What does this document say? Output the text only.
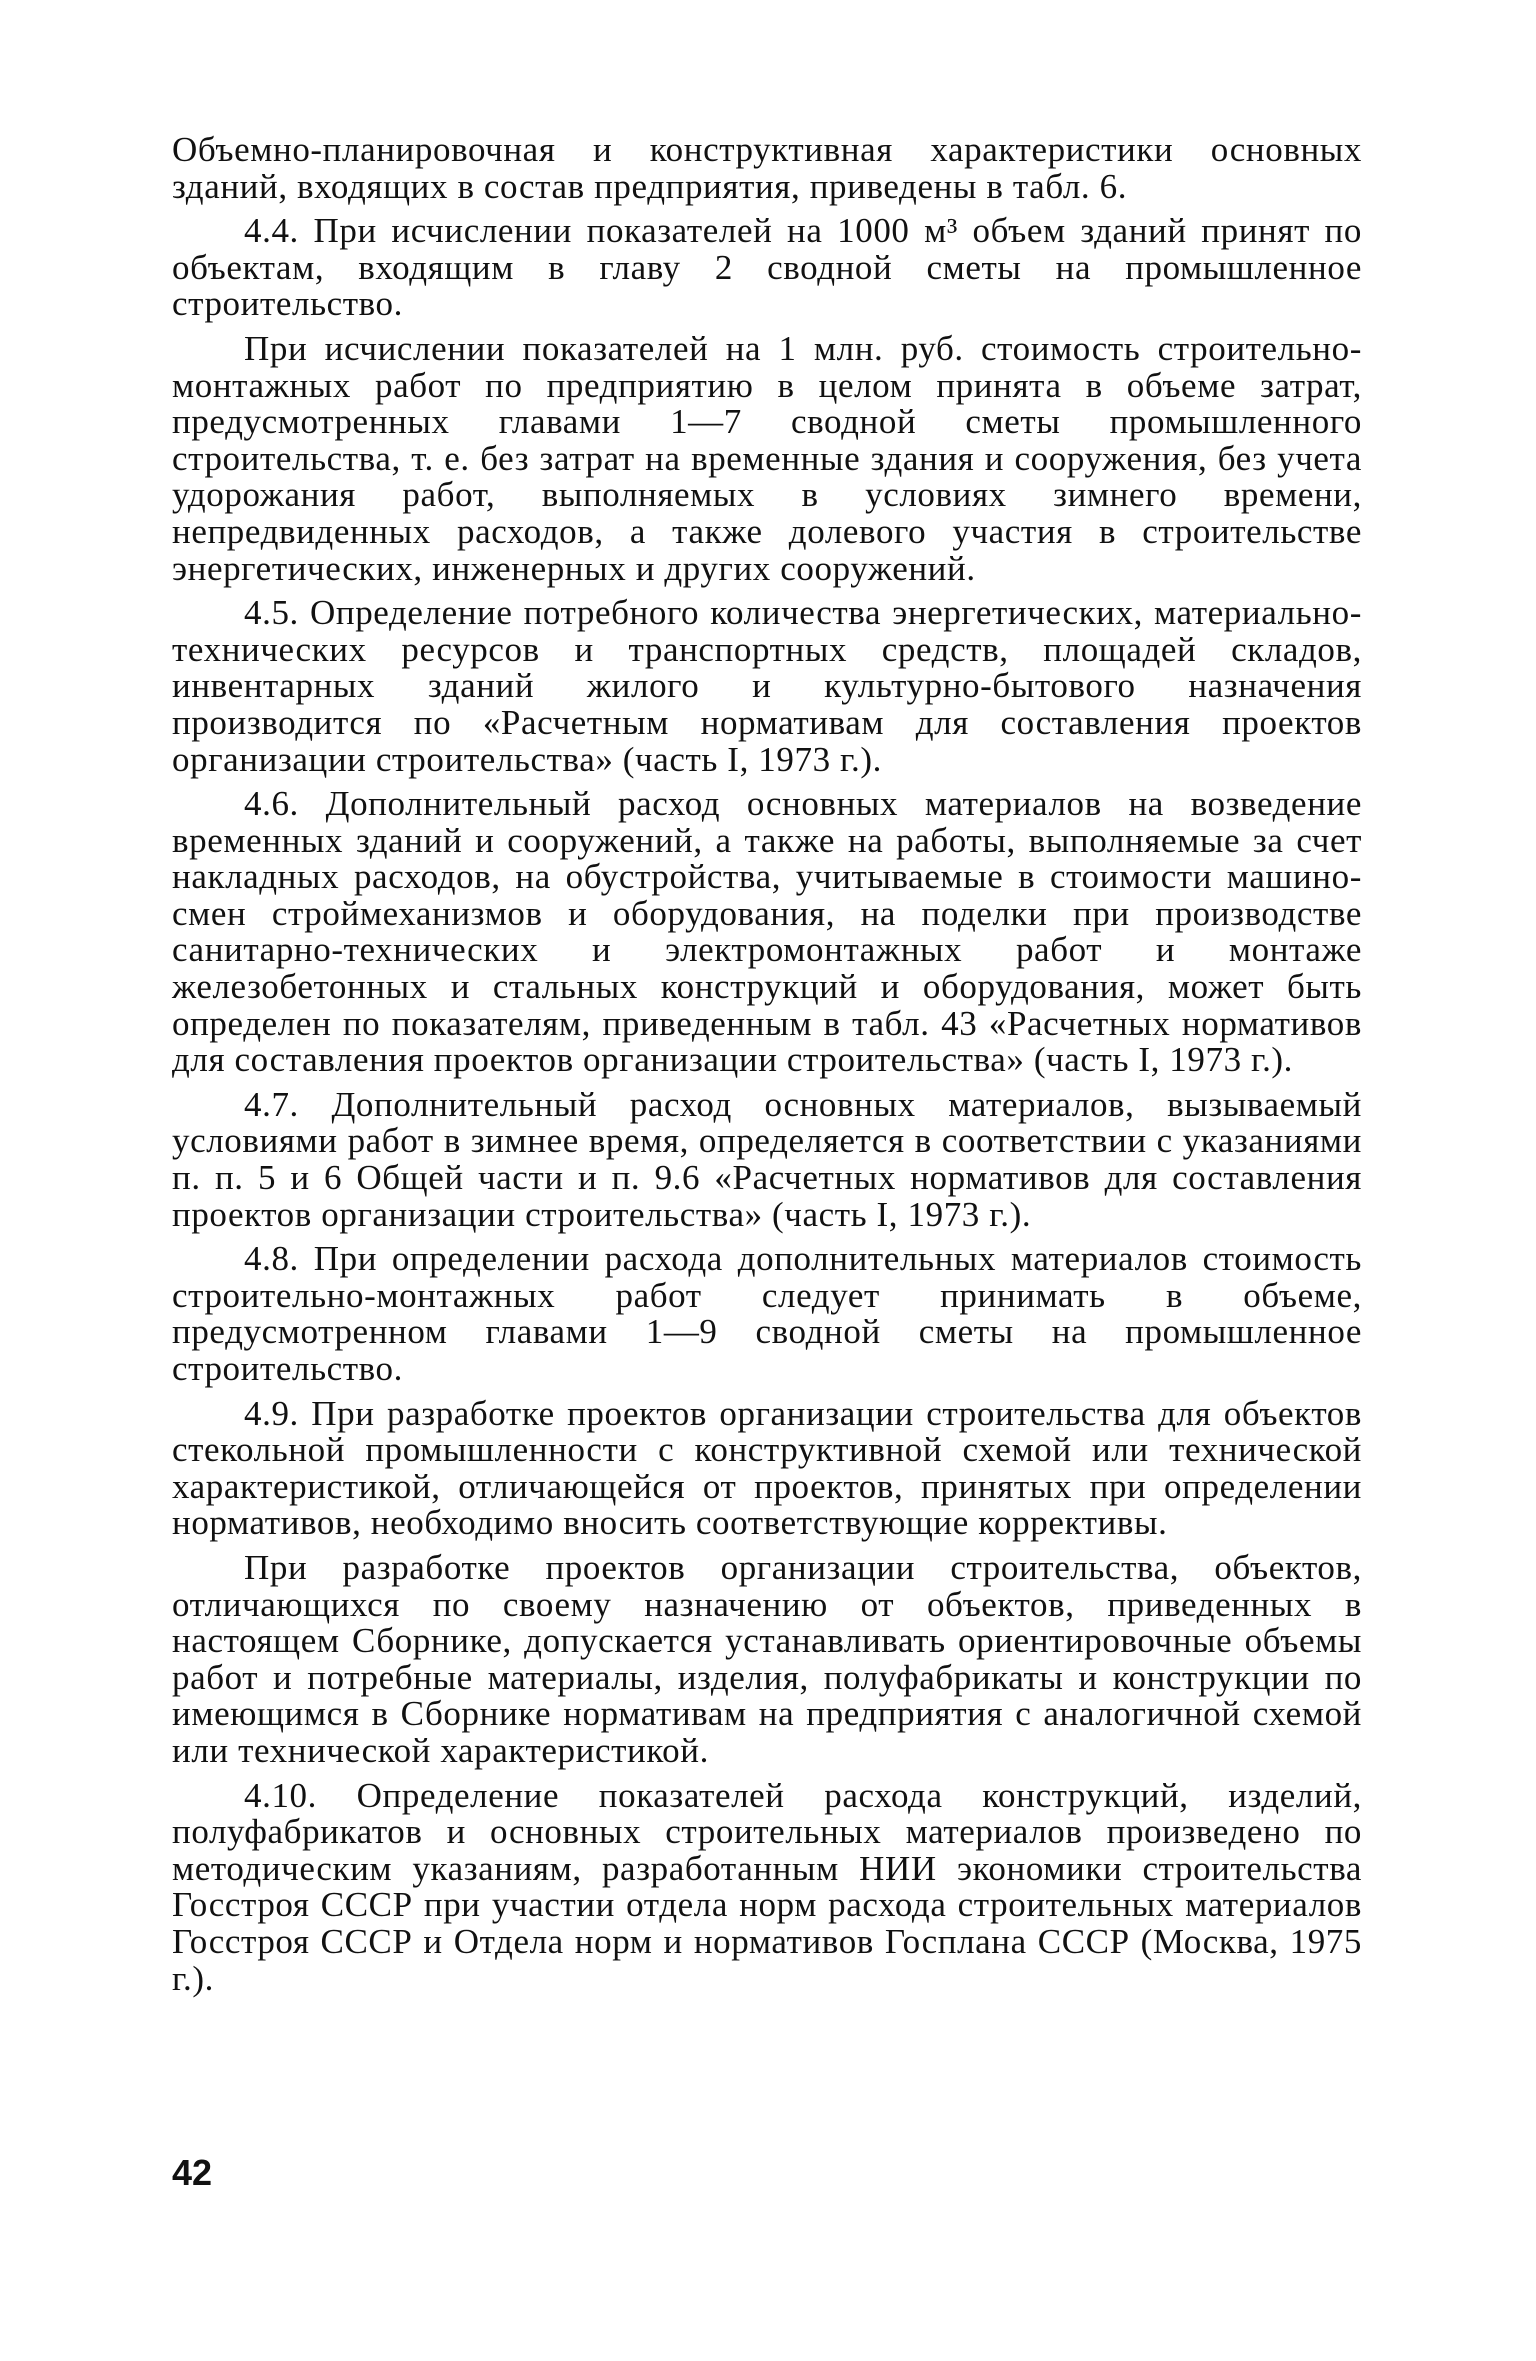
Объемно-планировочная и конструктивная характеристики основных зданий, входящих в состав предприятия, приведены в табл. 6.

4.4. При исчислении показателей на 1000 м³ объем зданий принят по объектам, входящим в главу 2 сводной сметы на промышленное строительство.

При исчислении показателей на 1 млн. руб. стоимость строительно-монтажных работ по предприятию в целом принята в объеме затрат, предусмотренных главами 1—7 сводной сметы промышленного строительства, т. е. без затрат на временные здания и сооружения, без учета удорожания работ, выполняемых в условиях зимнего времени, непредвиденных расходов, а также долевого участия в строительстве энергетических, инженерных и других сооружений.

4.5. Определение потребного количества энергетических, материально-технических ресурсов и транспортных средств, площадей складов, инвентарных зданий жилого и культурно-бытового назначения производится по «Расчетным нормативам для составления проектов организации строительства» (часть I, 1973 г.).

4.6. Дополнительный расход основных материалов на возведение временных зданий и сооружений, а также на работы, выполняемые за счет накладных расходов, на обустройства, учитываемые в стоимости машино-смен строймеханизмов и оборудования, на поделки при производстве санитарно-технических и электромонтажных работ и монтаже железобетонных и стальных конструкций и оборудования, может быть определен по показателям, приведенным в табл. 43 «Расчетных нормативов для составления проектов организации строительства» (часть I, 1973 г.).

4.7. Дополнительный расход основных материалов, вызываемый условиями работ в зимнее время, определяется в соответствии с указаниями п. п. 5 и 6 Общей части и п. 9.6 «Расчетных нормативов для составления проектов организации строительства» (часть I, 1973 г.).

4.8. При определении расхода дополнительных материалов стоимость строительно-монтажных работ следует принимать в объеме, предусмотренном главами 1—9 сводной сметы на промышленное строительство.

4.9. При разработке проектов организации строительства для объектов стекольной промышленности с конструктивной схемой или технической характеристикой, отличающейся от проектов, принятых при определении нормативов, необходимо вносить соответствующие коррективы.

При разработке проектов организации строительства, объектов, отличающихся по своему назначению от объектов, приведенных в настоящем Сборнике, допускается устанавливать ориентировочные объемы работ и потребные материалы, изделия, полуфабрикаты и конструкции по имеющимся в Сборнике нормативам на предприятия с аналогичной схемой или технической характеристикой.

4.10. Определение показателей расхода конструкций, изделий, полуфабрикатов и основных строительных материалов произведено по методическим указаниям, разработанным НИИ экономики строительства Госстроя СССР при участии отдела норм расхода строительных материалов Госстроя СССР и Отдела норм и нормативов Госплана СССР (Москва, 1975 г.).

42
